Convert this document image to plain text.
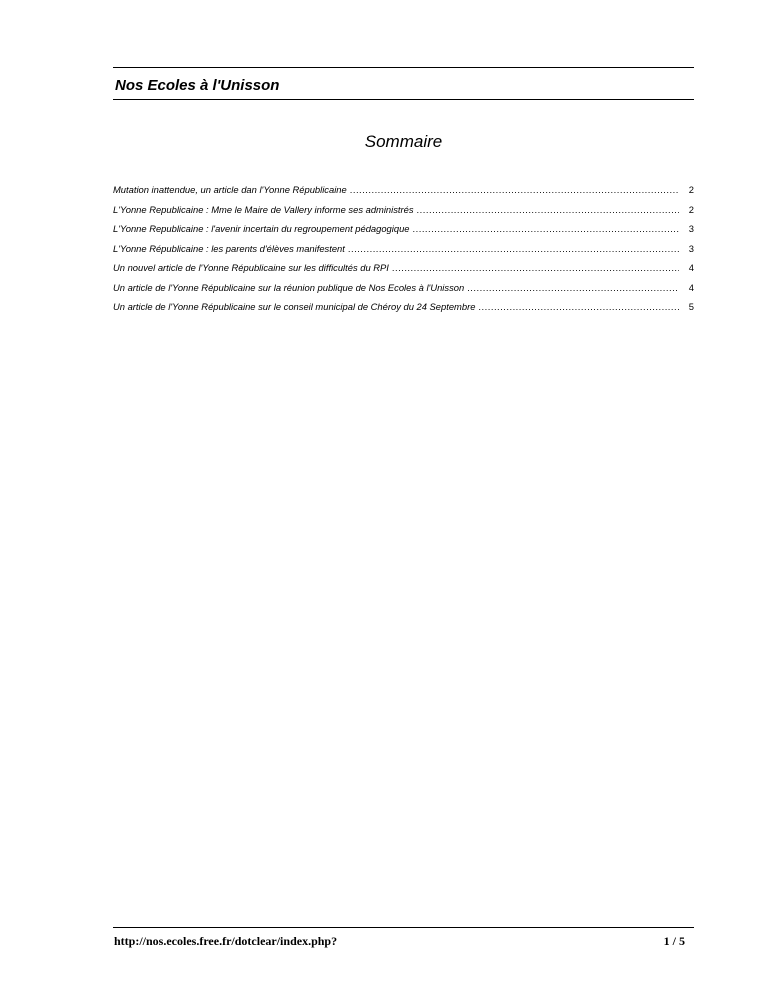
Nos Ecoles à l'Unisson
Sommaire
Mutation inattendue, un article dan l'Yonne Républicaine .....	2
L'Yonne Republicaine : Mme le Maire de Vallery informe ses administrés .....	2
L'Yonne Republicaine : l'avenir incertain du regroupement pédagogique .....	3
L'Yonne Républicaine : les parents d'élèves manifestent .....	3
Un nouvel article de l'Yonne Républicaine sur les difficultés du RPI .....	4
Un article de l'Yonne Républicaine sur la réunion publique de Nos Ecoles à l'Unisson .....	4
Un article de l'Yonne Républicaine sur le conseil municipal de Chéroy du 24 Septembre .....	5
http://nos.ecoles.free.fr/dotclear/index.php?	1 / 5
